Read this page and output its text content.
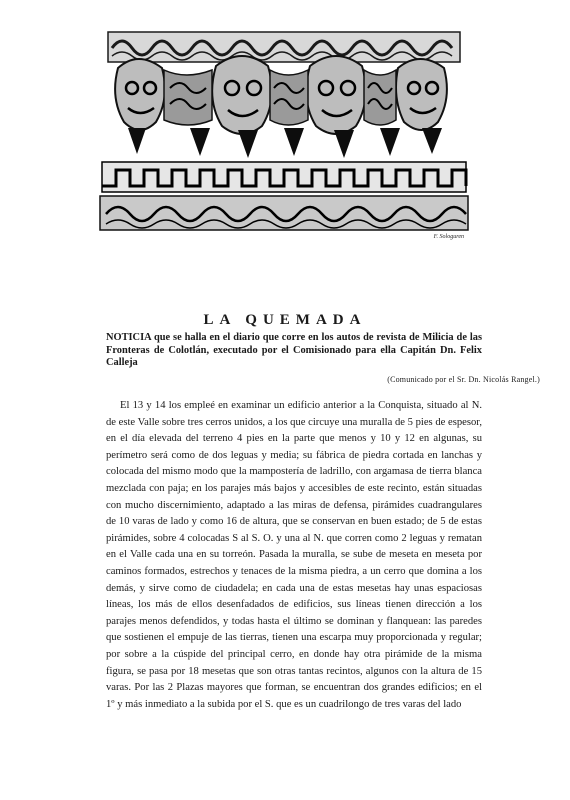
F. Sologuren
LA QUEMADA

NOTICIA que se halla en el diario que corre en los autos de revista de Milicia de las Fronteras de Colotlán, executado por el Comisionado para ella Capitán Dn. Felix Calleja

(Comunicado por el Sr. Dn. Nicolás Rangel.)

El 13 y 14 los empleé en examinar un edificio anterior a la Conquista, situado al N. de este Valle sobre tres cerros unidos, a los que circuye una muralla de 5 pies de espesor, en el día elevada del terreno 4 pies en la parte que menos y 10 y 12 en algunas, su perímetro será como de dos leguas y media; su fábrica de piedra cortada en lanchas y colocada del mismo modo que la mampostería de ladrillo, con argamasa de tierra blanca mezclada con paja; en los parajes más bajos y accesibles de este recinto, están situadas con mucho discernimiento, adaptado a las miras de defensa, pirámides cuadrangulares de 10 varas de lado y como 16 de altura, que se conservan en buen estado; de 5 de estas pirámides, sobre 4 colocadas S al S. O. y una al N. que corren como 2 leguas y rematan en el Valle cada una en su torreón. Pasada la muralla, se sube de meseta en meseta por caminos formados, estrechos y tenaces de la misma piedra, a un cerro que domina a los demás, y sirve como de ciudadela; en cada una de estas mesetas hay unas espaciosas líneas, los más de ellos desenfadados de edificios, sus líneas tienen dirección a los parajes menos defendidos, y todas hasta el último se dominan y flanquean: las paredes que sostienen el empuje de las tierras, tienen una escarpa muy proporcionada y regular; por sobre a la cúspide del principal cerro, en donde hay otra pirámide de la misma figura, se pasa por 18 mesetas que son otras tantas recintos, algunos con la altura de 15 varas. Por las 2 Plazas mayores que forman, se encuentran dos grandes edificios; en el 1º y más inmediato a la subida por el S. que es un cuadrilongo de tres varas del lado
